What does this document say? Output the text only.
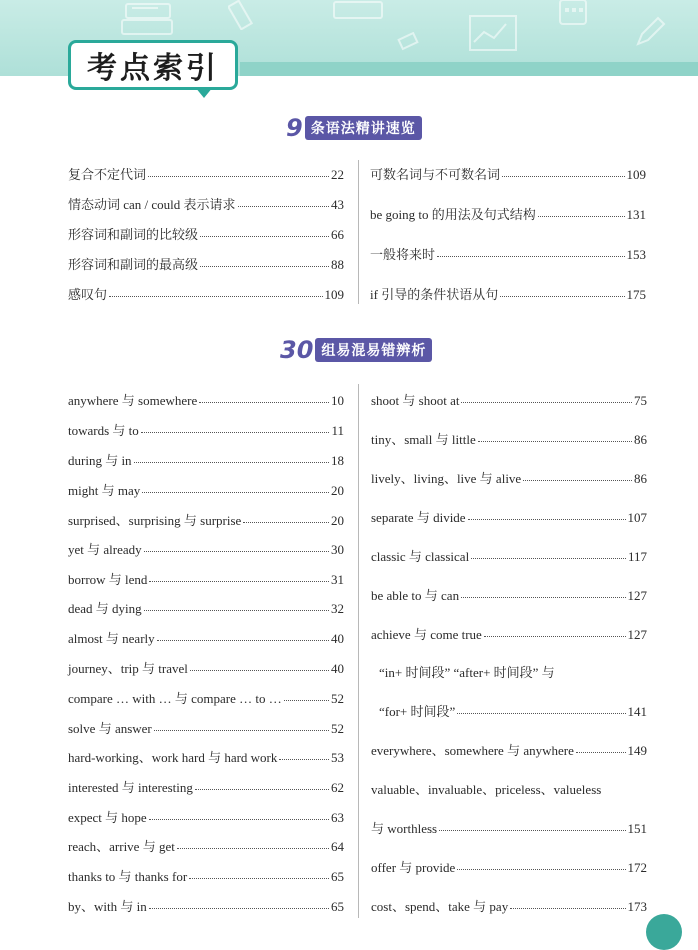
考点索引
9 条语法精讲速览
复合不定代词	22
情态动词 can / could 表示请求	43
形容词和副词的比较级	66
形容词和副词的最高级	88
感叹句	109
可数名词与不可数名词	109
be going to 的用法及句式结构	131
一般将来时	153
if 引导的条件状语从句	175
30 组易混易错辨析
anywhere 与 somewhere	10
towards 与 to	11
during 与 in	18
might 与 may	20
surprised、surprising 与 surprise	20
yet 与 already	30
borrow 与 lend	31
dead 与 dying	32
almost 与 nearly	40
journey、trip 与 travel	40
compare … with … 与 compare … to …	52
solve 与 answer	52
hard-working、work hard 与 hard work	53
interested 与 interesting	62
expect 与 hope	63
reach、arrive 与 get	64
thanks to 与 thanks for	65
by、with 与 in	65
shoot 与 shoot at	75
tiny、small 与 little	86
lively、living、live 与 alive	86
separate 与 divide	107
classic 与 classical	117
be able to 与 can	127
achieve 与 come true	127
“in+ 时间段” “after+ 时间段” 与
“for+ 时间段”	141
everywhere、somewhere 与 anywhere	149
valuable、invaluable、priceless、valueless
与 worthless	151
offer 与 provide	172
cost、spend、take 与 pay	173
